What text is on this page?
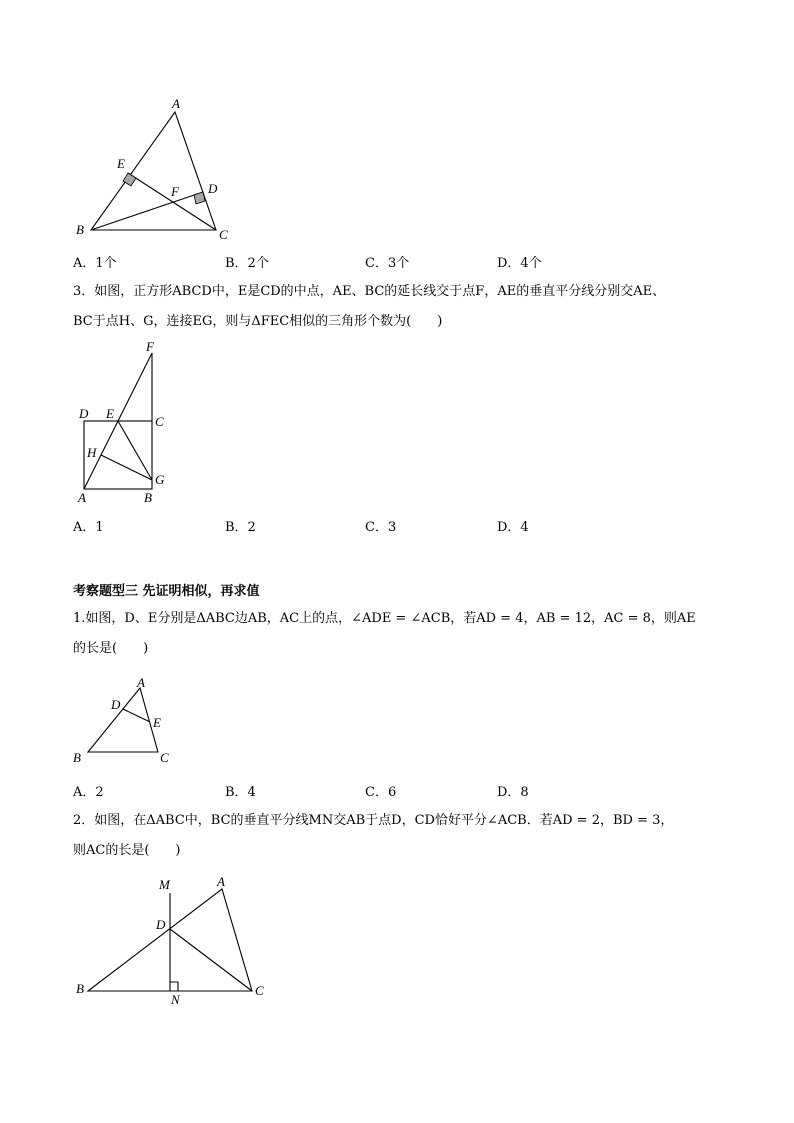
A
E
F D
B	C
A．1个	B．2个	C．3个	D．4个
3．如图，正方形ABCD中，E是CD的中点，AE、BC的延长线交于点F，AE的垂直平分线分别交AE、
BC于点H、G，连接EG，则与ΔFEC相似的三角形个数为(　　)
F
D E
C
H
G
A	B
A．1	B．2	C．3	D．4
考察题型三 先证明相似，再求值
1.如图，D、E分别是ΔABC边AB，AC上的点，∠ADE = ∠ACB，若AD = 4，AB = 12，AC = 8，则AE
的长是(　　)
A
D
E
B	C
A．2	B．4	C．6	D．8
2．如图，在ΔABC中，BC的垂直平分线MN交AB于点D，CD恰好平分∠ACB．若AD = 2，BD = 3，
则AC的长是(　　)
M	A
D
B
N
C
